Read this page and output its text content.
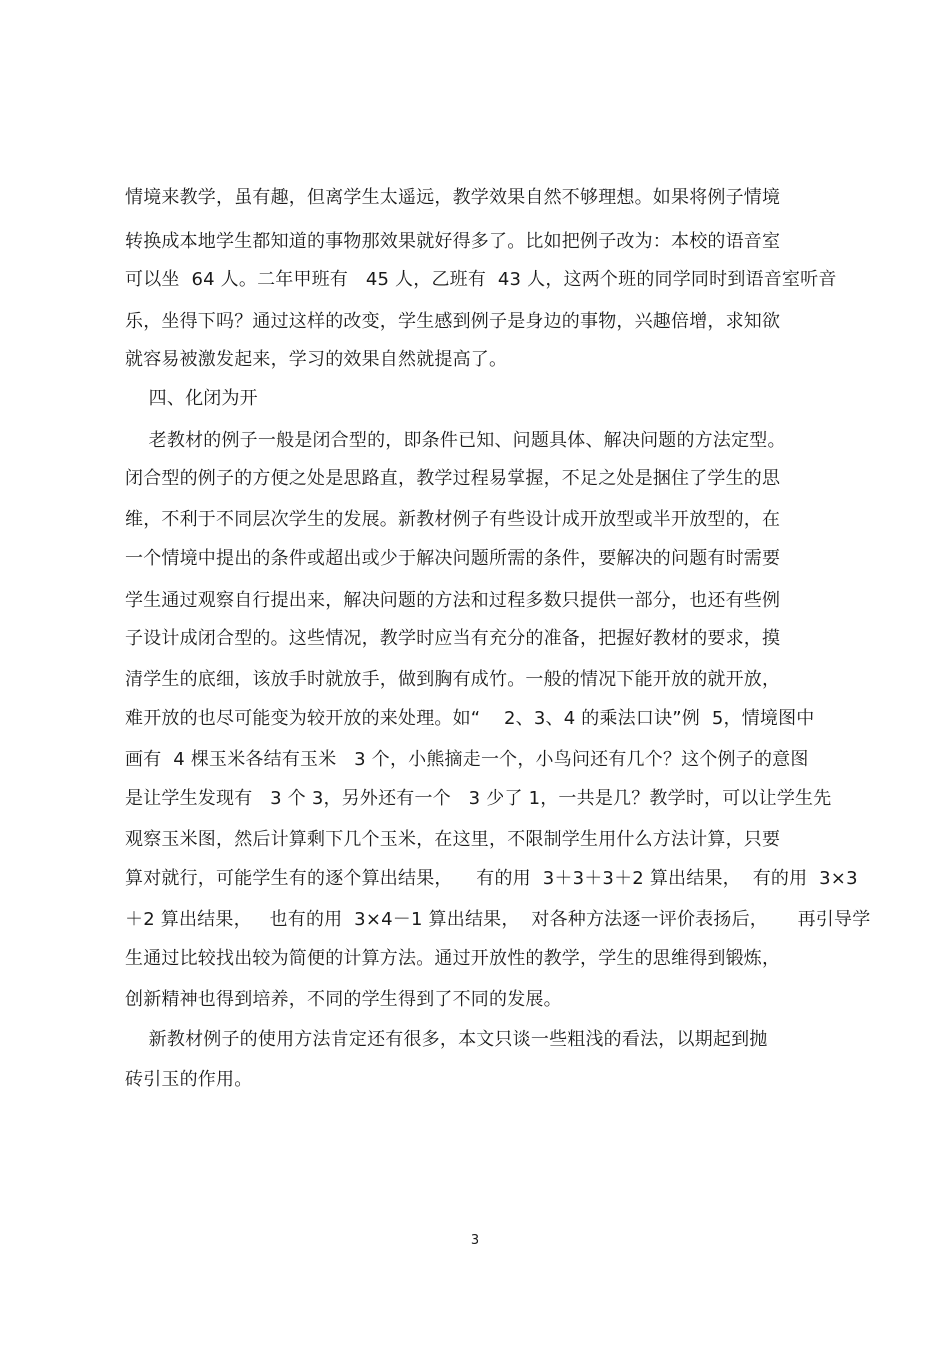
情境来教学，虽有趣，但离学生太遥远，教学效果自然不够理想。如果将例子情境
转换成本地学生都知道的事物那效果就好得多了。比如把例子改为：本校的语音室
可以坐  64 人。二年甲班有   45 人，乙班有  43 人，这两个班的同学同时到语音室听音
乐，坐得下吗？通过这样的改变，学生感到例子是身边的事物，兴趣倍增，求知欲
就容易被激发起来，学习的效果自然就提高了。
四、化闭为开
老教材的例子一般是闭合型的，即条件已知、问题具体、解决问题的方法定型。
闭合型的例子的方便之处是思路直，教学过程易掌握，不足之处是捆住了学生的思
维，不利于不同层次学生的发展。新教材例子有些设计成开放型或半开放型的，在
一个情境中提出的条件或超出或少于解决问题所需的条件，要解决的问题有时需要
学生通过观察自行提出来，解决问题的方法和过程多数只提供一部分，也还有些例
子设计成闭合型的。这些情况，教学时应当有充分的准备，把握好教材的要求，摸
清学生的底细，该放手时就放手，做到胸有成竹。一般的情况下能开放的就开放，
难开放的也尽可能变为较开放的来处理。如“    2、3、4 的乘法口诀”例  5，情境图中
画有  4 棵玉米各结有玉米   3 个，小熊摘走一个，小鸟问还有几个？这个例子的意图
是让学生发现有   3 个 3，另外还有一个   3 少了 1，一共是几？教学时，可以让学生先
观察玉米图，然后计算剩下几个玉米，在这里，不限制学生用什么方法计算，只要
算对就行，可能学生有的逐个算出结果，    有的用  3＋3＋3＋2 算出结果，  有的用  3×3
＋2 算出结果，   也有的用  3×4－1 算出结果，  对各种方法逐一评价表扬后，     再引导学
生通过比较找出较为简便的计算方法。通过开放性的教学，学生的思维得到锻炼，
创新精神也得到培养，不同的学生得到了不同的发展。
新教材例子的使用方法肯定还有很多，本文只谈一些粗浅的看法，以期起到抛
砖引玉的作用。
3
